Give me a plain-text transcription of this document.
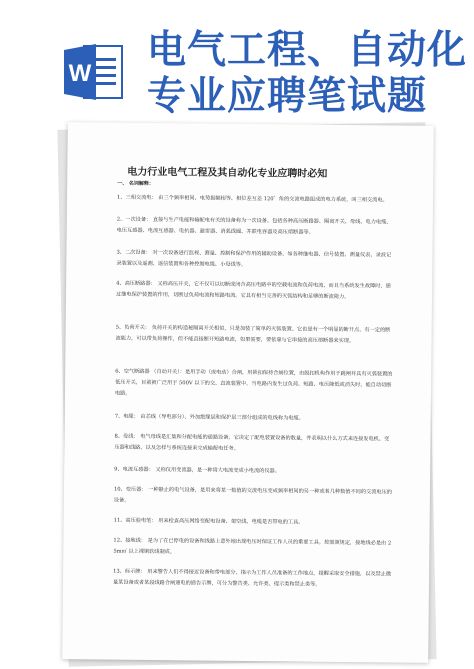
W
电气工程、自动化
专业应聘笔试题
电力行业电气工程及其自动化专业应聘时必知
一、 名词解释：
1、三相交流电： 由三个频率相同、电势振幅相等、相位差互差 120゜角的交流电路组成的电力系统，叫三相交流电。
2、一次设备： 直接与生产电能和输配电有关的设备称为一次设备。包括各种高压断路器、隔离开关、母线、电力电缆、电压互感器、电流互感器、电抗器、避雷器、消弧线圈、并联电容器及高压熔断器等。
3、二次设备： 对一次设备进行监视、测量、控制和保护作用的辅助设备。如各种继电器、信号装置、测量仪表、录波记录装置以及遥测、遥信装置和各种控制电缆、小母线等。
4、高压断路器： 又称高压开关，它不仅可以切断或闭合高压电路中的空载电流和负荷电流，而且当系统发生故障时，通过继电保护装置的作用，切断过负荷电流和短路电流。它具有相当完善的灭弧结构和足够的断流能力。
5、负荷开关： 负荷开关的构造秘隔离开关相似，只是加装了简单的灭弧装置。它也是有一个明显的断开点，有一定的断流能力，可以带负荷操作，但不能直接断开短路电流，如果需要，要依靠与它串接的高压熔断器来实现。
6、空气断路器 （自动开关）：是用手动（或电动）合闸，用锁扣保持合闸位置，由脱扣机构作用于跳闸并具有灭弧装置的低压开关，目前被广泛用于 500V 以下的交、直流装置中，当电路内发生过负荷、短路、电压降低或消失时，能自动切断电路。
7、电缆： 由芯线（导电部分）、外加绝缘层和保护层三部分组成的电线称为电缆。
8、母线： 电气母线是汇集和分配电能的通路设备，它决定了配电装置设备的数量，并表明以什么方式来连接发电机、变压器和线路，以及怎样与系统连接来完成输配电任务。
9、电流互感器： 又称仪用变流器，是一种将大电流变成小电流的仪器。
10、变压器： 一种静止的电气设备，是用来将某一数值的交流电压变成频率相同的另一种或者几种数值不同的交流电压的设备。
11、高压验电笔： 用来检查高压网络变配电设备、架空线、电缆是否带电的工具。
12、接地线： 是为了在已停电的设备和线路上意外地出现电压时保证工作人员的重要工具。按部颁规定，接地线必是由 25m㎡ 以上裸铜软线制成。
13、标示牌： 用来警告人们不得接近设备和带电部分，指示为工作人员准备的工作地点，提醒采取安全措施，以及禁止微量某设备或者某段线路合闸通电的通告示牌，可分为警告类、允许类、提示类和禁止类等。
